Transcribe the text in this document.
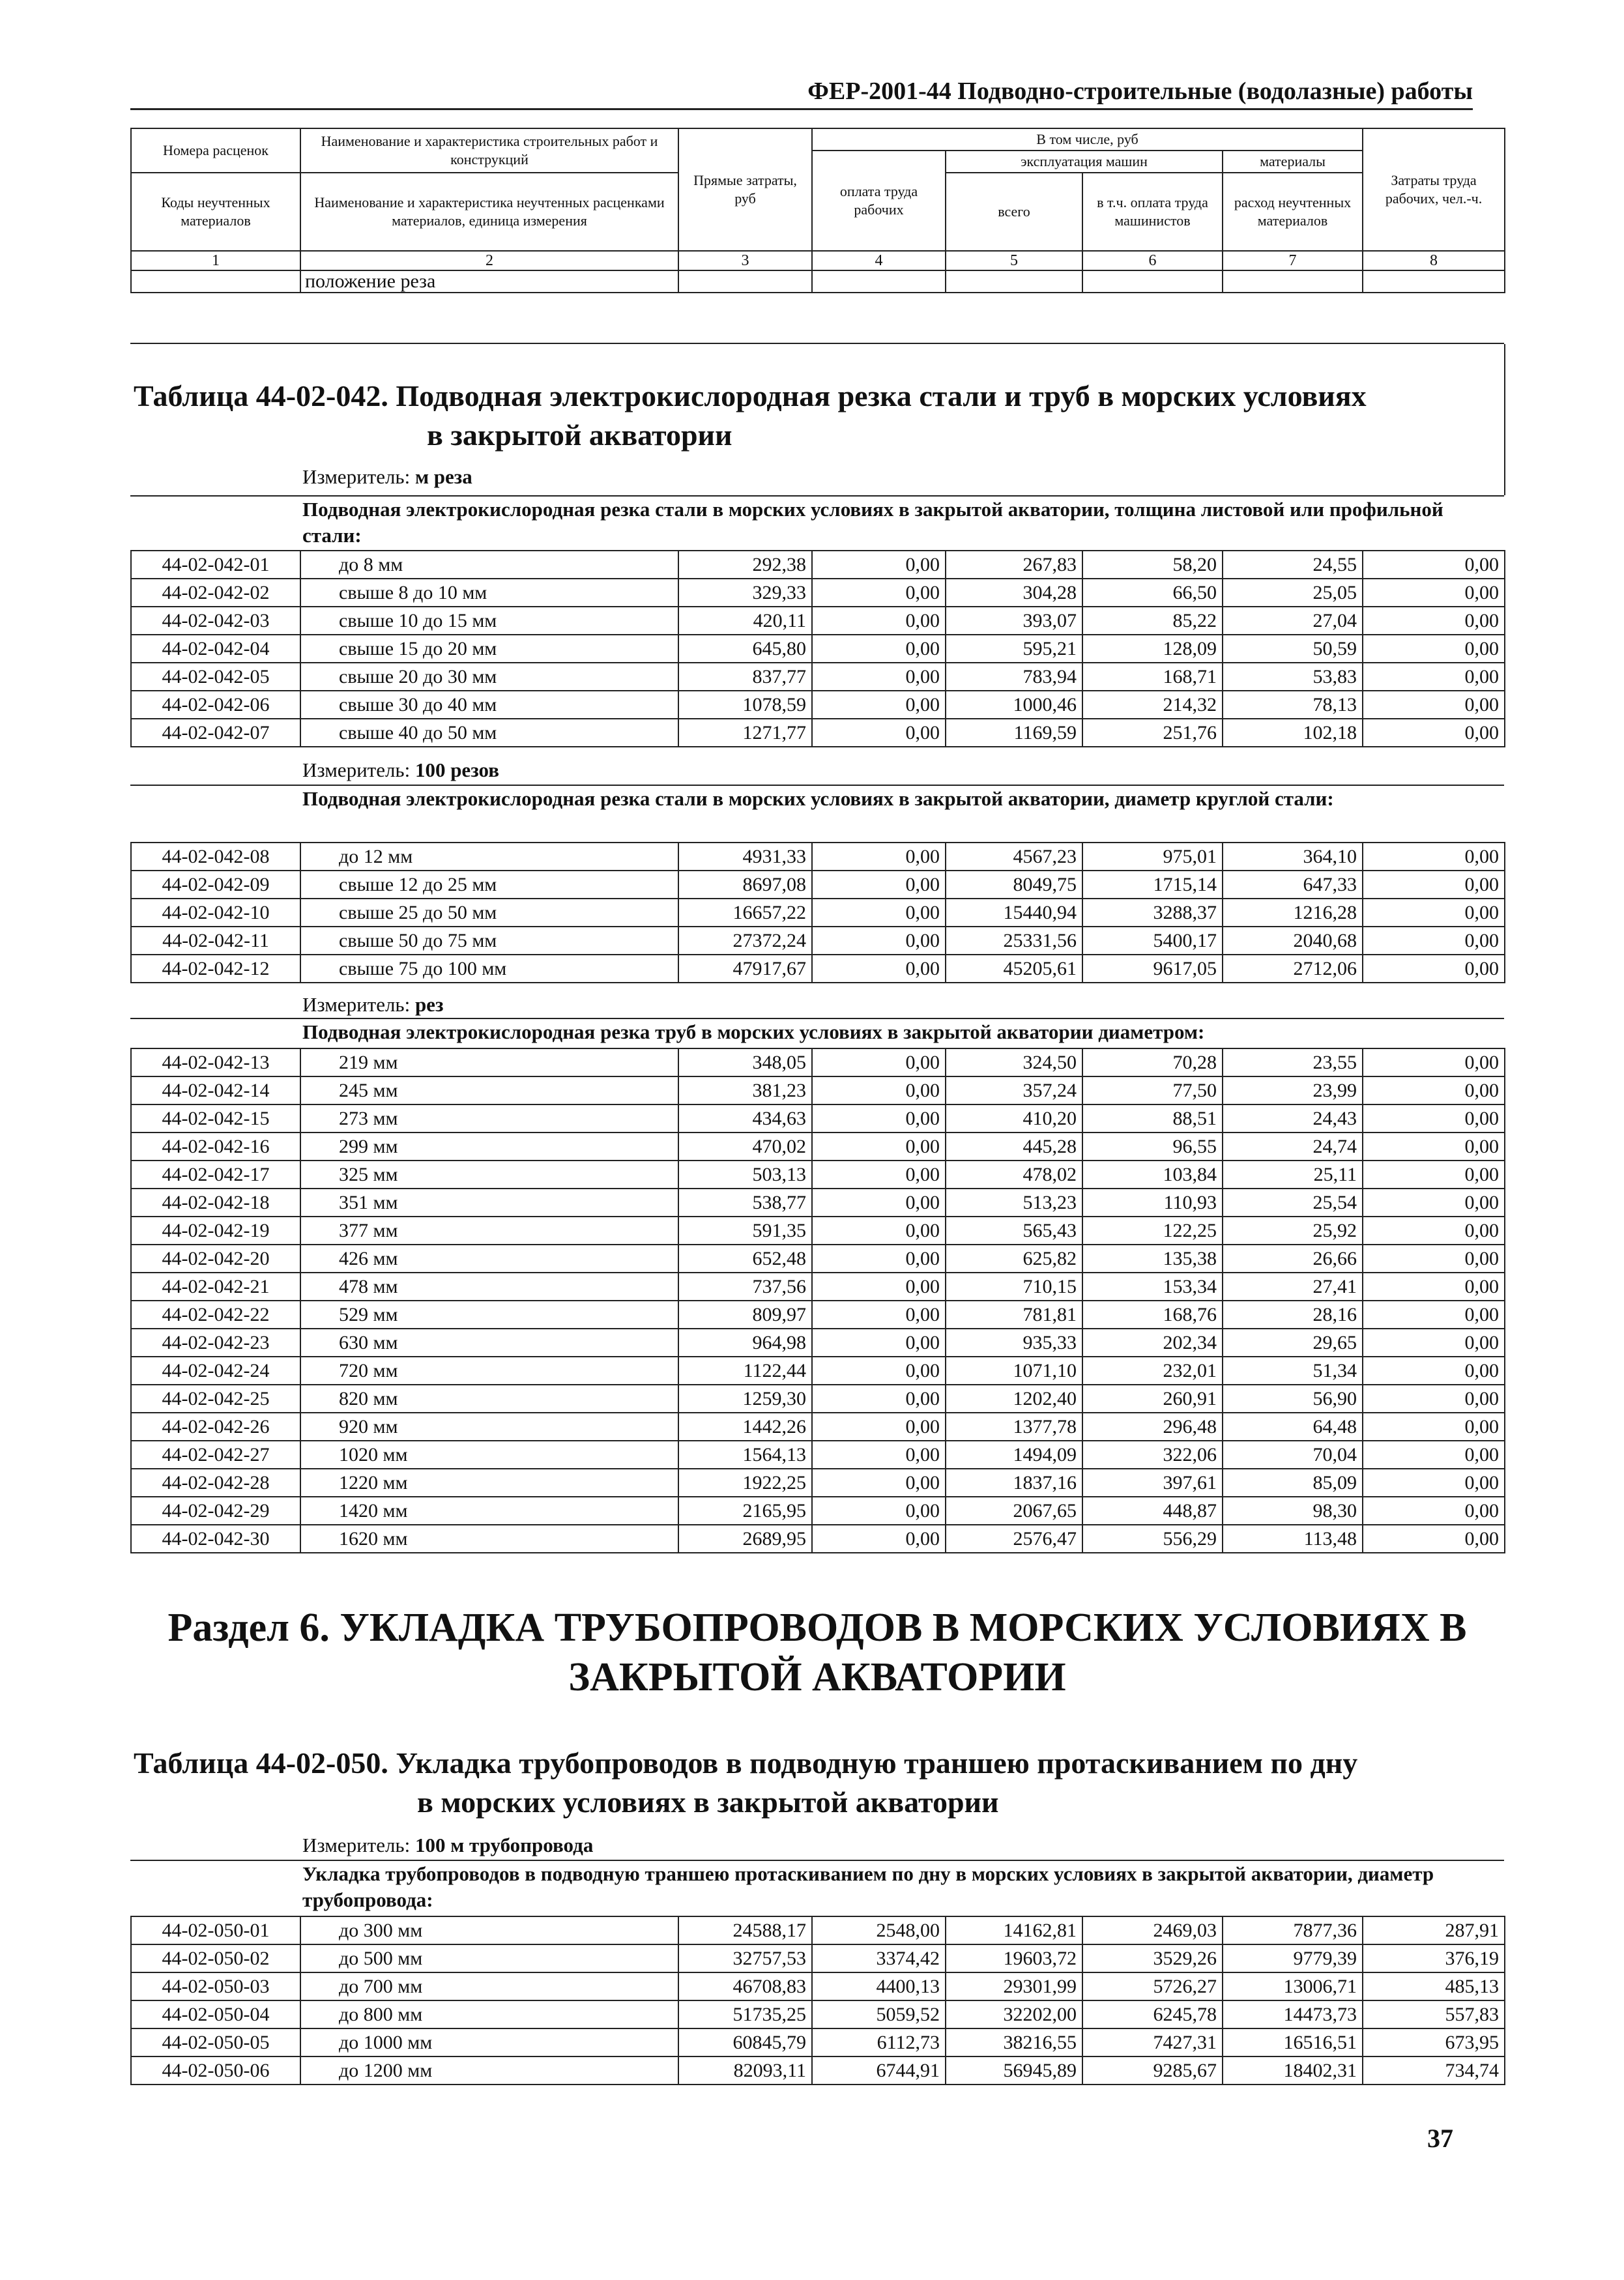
ФЕР-2001-44 Подводно-строительные (водолазные) работы
Номера расценок	Наименование и характеристика строительных работ и конструкций	Прямые затраты, руб	В том числе, руб				Затраты труда рабочих, чел.-ч.
			оплата труда рабочих	эксплуатация машин		материалы	
Коды неучтенных материалов	Наименование и характеристика неучтенных расценками материалов, единица измерения			всего	в т.ч. оплата труда машинистов	расход неучтенных материалов	

1	2	3	4	5	6	7	8
	положение реза						
Таблица 44-02-042. Подводная электрокислородная резка стали и труб в морских условиях
в закрытой акватории
Измеритель: м реза
Подводная электрокислородная резка стали в морских условиях в закрытой акватории, толщина листовой или профильной стали:
44-02-042-01	до 8 мм	292,38	0,00	267,83	58,20	24,55	0,00
44-02-042-02	свыше 8 до 10 мм	329,33	0,00	304,28	66,50	25,05	0,00
44-02-042-03	свыше 10 до 15 мм	420,11	0,00	393,07	85,22	27,04	0,00
44-02-042-04	свыше 15 до 20 мм	645,80	0,00	595,21	128,09	50,59	0,00
44-02-042-05	свыше 20 до 30 мм	837,77	0,00	783,94	168,71	53,83	0,00
44-02-042-06	свыше 30 до 40 мм	1078,59	0,00	1000,46	214,32	78,13	0,00
44-02-042-07	свыше 40 до 50 мм	1271,77	0,00	1169,59	251,76	102,18	0,00
Измеритель: 100 резов
Подводная электрокислородная резка стали в морских условиях в закрытой акватории, диаметр круглой стали:
44-02-042-08	до 12 мм	4931,33	0,00	4567,23	975,01	364,10	0,00
44-02-042-09	свыше 12 до 25 мм	8697,08	0,00	8049,75	1715,14	647,33	0,00
44-02-042-10	свыше 25 до 50 мм	16657,22	0,00	15440,94	3288,37	1216,28	0,00
44-02-042-11	свыше 50 до 75 мм	27372,24	0,00	25331,56	5400,17	2040,68	0,00
44-02-042-12	свыше 75 до 100 мм	47917,67	0,00	45205,61	9617,05	2712,06	0,00
Измеритель: рез
Подводная электрокислородная резка труб в морских условиях в закрытой акватории диаметром:
44-02-042-13	219 мм	348,05	0,00	324,50	70,28	23,55	0,00
44-02-042-14	245 мм	381,23	0,00	357,24	77,50	23,99	0,00
44-02-042-15	273 мм	434,63	0,00	410,20	88,51	24,43	0,00
44-02-042-16	299 мм	470,02	0,00	445,28	96,55	24,74	0,00
44-02-042-17	325 мм	503,13	0,00	478,02	103,84	25,11	0,00
44-02-042-18	351 мм	538,77	0,00	513,23	110,93	25,54	0,00
44-02-042-19	377 мм	591,35	0,00	565,43	122,25	25,92	0,00
44-02-042-20	426 мм	652,48	0,00	625,82	135,38	26,66	0,00
44-02-042-21	478 мм	737,56	0,00	710,15	153,34	27,41	0,00
44-02-042-22	529 мм	809,97	0,00	781,81	168,76	28,16	0,00
44-02-042-23	630 мм	964,98	0,00	935,33	202,34	29,65	0,00
44-02-042-24	720 мм	1122,44	0,00	1071,10	232,01	51,34	0,00
44-02-042-25	820 мм	1259,30	0,00	1202,40	260,91	56,90	0,00
44-02-042-26	920 мм	1442,26	0,00	1377,78	296,48	64,48	0,00
44-02-042-27	1020 мм	1564,13	0,00	1494,09	322,06	70,04	0,00
44-02-042-28	1220 мм	1922,25	0,00	1837,16	397,61	85,09	0,00
44-02-042-29	1420 мм	2165,95	0,00	2067,65	448,87	98,30	0,00
44-02-042-30	1620 мм	2689,95	0,00	2576,47	556,29	113,48	0,00
Раздел 6. УКЛАДКА ТРУБОПРОВОДОВ В МОРСКИХ УСЛОВИЯХ В
ЗАКРЫТОЙ АКВАТОРИИ
Таблица 44-02-050. Укладка трубопроводов в подводную траншею протаскиванием по дну
в морских условиях в закрытой акватории
Измеритель: 100 м трубопровода
Укладка трубопроводов в подводную траншею протаскиванием по дну в морских условиях в закрытой акватории, диаметр трубопровода:
44-02-050-01	до 300 мм	24588,17	2548,00	14162,81	2469,03	7877,36	287,91
44-02-050-02	до 500 мм	32757,53	3374,42	19603,72	3529,26	9779,39	376,19
44-02-050-03	до 700 мм	46708,83	4400,13	29301,99	5726,27	13006,71	485,13
44-02-050-04	до 800 мм	51735,25	5059,52	32202,00	6245,78	14473,73	557,83
44-02-050-05	до 1000 мм	60845,79	6112,73	38216,55	7427,31	16516,51	673,95
44-02-050-06	до 1200 мм	82093,11	6744,91	56945,89	9285,67	18402,31	734,74
37
